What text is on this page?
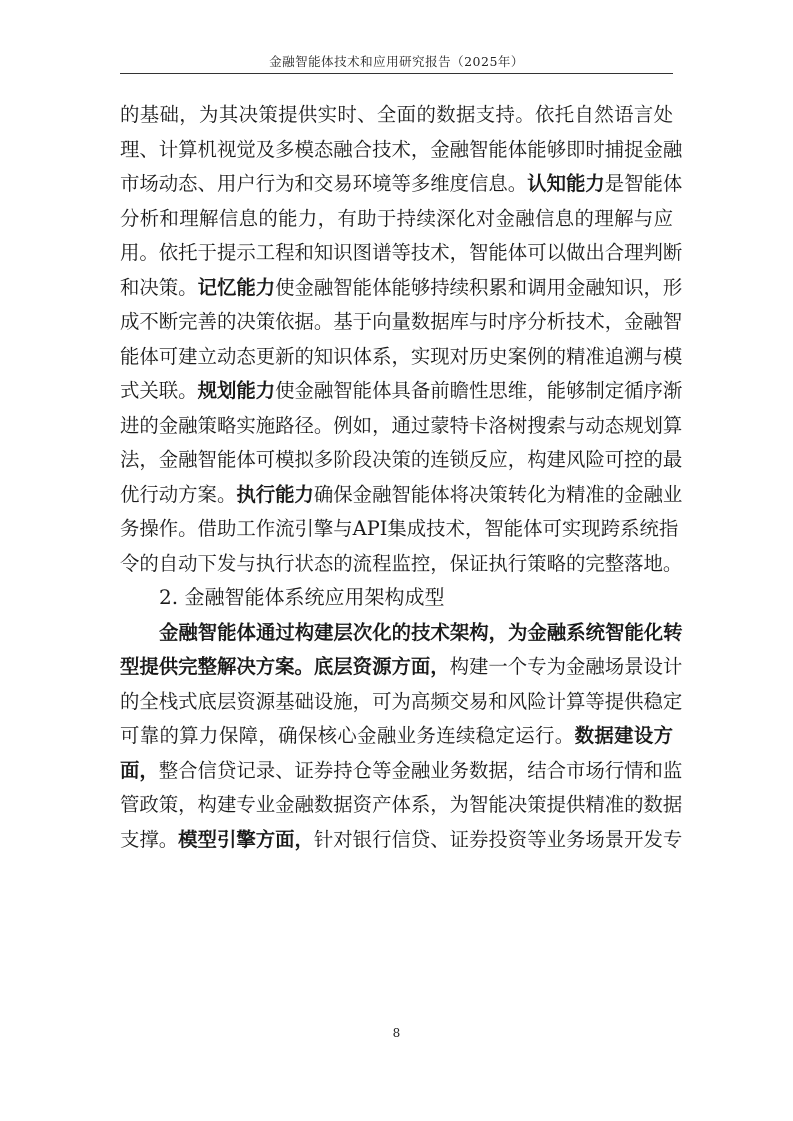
金融智能体技术和应用研究报告（2025年）
的基础，为其决策提供实时、全面的数据支持。依托自然语言处
理、计算机视觉及多模态融合技术，金融智能体能够即时捕捉金融
市场动态、用户行为和交易环境等多维度信息。认知能力是智能体
分析和理解信息的能力，有助于持续深化对金融信息的理解与应
用。依托于提示工程和知识图谱等技术，智能体可以做出合理判断
和决策。记忆能力使金融智能体能够持续积累和调用金融知识，形
成不断完善的决策依据。基于向量数据库与时序分析技术，金融智
能体可建立动态更新的知识体系，实现对历史案例的精准追溯与模
式关联。规划能力使金融智能体具备前瞻性思维，能够制定循序渐
进的金融策略实施路径。例如，通过蒙特卡洛树搜索与动态规划算
法，金融智能体可模拟多阶段决策的连锁反应，构建风险可控的最
优行动方案。执行能力确保金融智能体将决策转化为精准的金融业
务操作。借助工作流引擎与API集成技术，智能体可实现跨系统指
令的自动下发与执行状态的流程监控，保证执行策略的完整落地。
2. 金融智能体系统应用架构成型
金融智能体通过构建层次化的技术架构，为金融系统智能化转
型提供完整解决方案。底层资源方面，构建一个专为金融场景设计
的全栈式底层资源基础设施，可为高频交易和风险计算等提供稳定
可靠的算力保障，确保核心金融业务连续稳定运行。数据建设方
面，整合信贷记录、证券持仓等金融业务数据，结合市场行情和监
管政策，构建专业金融数据资产体系，为智能决策提供精准的数据
支撑。模型引擎方面，针对银行信贷、证券投资等业务场景开发专
8
